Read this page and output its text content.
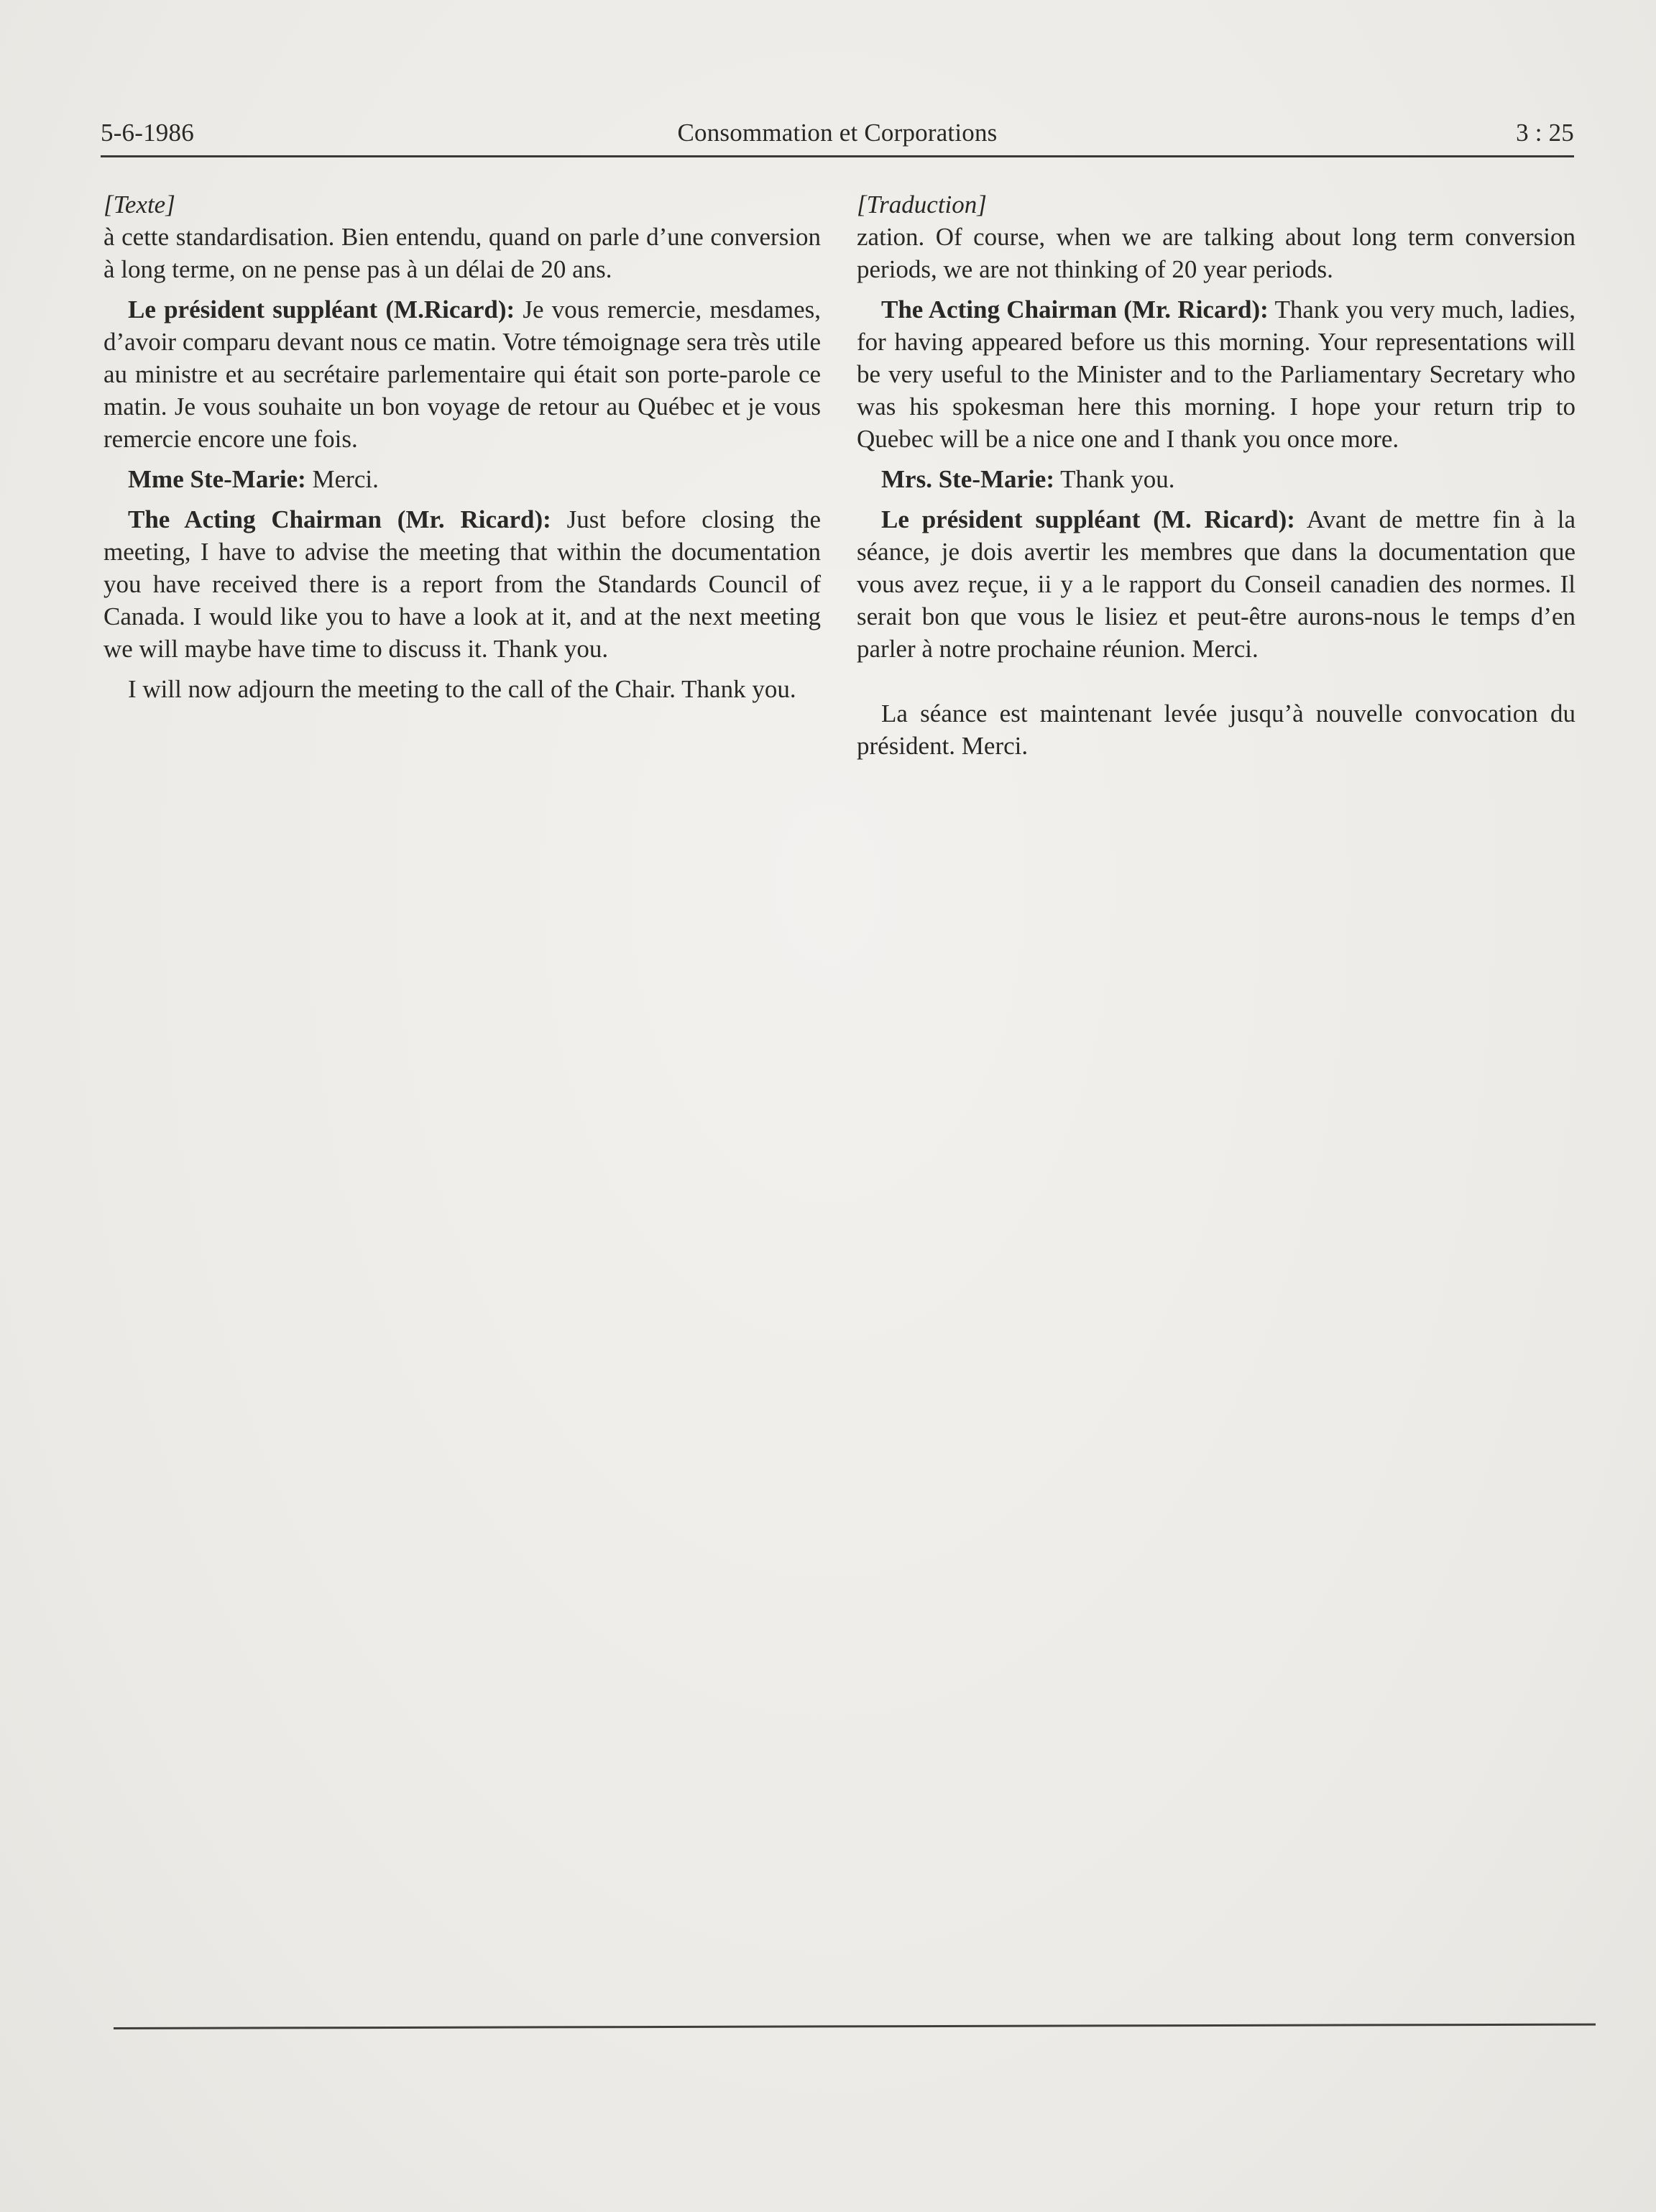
5-6-1986	Consommation et Corporations	3 : 25

[Texte]

à cette standardisation. Bien entendu, quand on parle d’une conversion à long terme, on ne pense pas à un délai de 20 ans.

Le président suppléant (M.Ricard): Je vous remercie, mesdames, d’avoir comparu devant nous ce matin. Votre témoignage sera très utile au ministre et au secrétaire parlementaire qui était son porte-parole ce matin. Je vous souhaite un bon voyage de retour au Québec et je vous remercie encore une fois.

Mme Ste-Marie: Merci.

The Acting Chairman (Mr. Ricard): Just before closing the meeting, I have to advise the meeting that within the documentation you have received there is a report from the Standards Council of Canada. I would like you to have a look at it, and at the next meeting we will maybe have time to discuss it. Thank you.

I will now adjourn the meeting to the call of the Chair. Thank you.

[Traduction]

zation. Of course, when we are talking about long term conversion periods, we are not thinking of 20 year periods.

The Acting Chairman (Mr. Ricard): Thank you very much, ladies, for having appeared before us this morning. Your representations will be very useful to the Minister and to the Parliamentary Secretary who was his spokesman here this morning. I hope your return trip to Quebec will be a nice one and I thank you once more.

Mrs. Ste-Marie: Thank you.

Le président suppléant (M. Ricard): Avant de mettre fin à la séance, je dois avertir les membres que dans la documentation que vous avez reçue, ii y a le rapport du Conseil canadien des normes. Il serait bon que vous le lisiez et peut-être aurons-nous le temps d’en parler à notre prochaine réunion. Merci.

La séance est maintenant levée jusqu’à nouvelle convocation du président. Merci.
